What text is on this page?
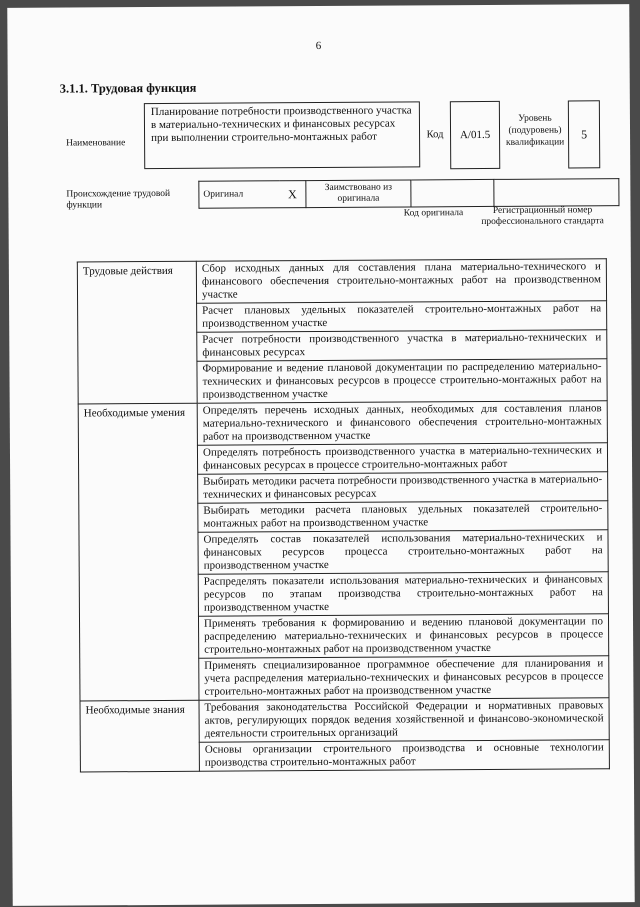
6
3.1.1. Трудовая функция
Наименование
Планирование потребности производственного участка в материально-технических и финансовых ресурсах при выполнении строительно-монтажных работ	Код	A/01.5
Уровень (подуровень) квалификации
5
Происхождение трудовой функции
Оригинал	X	Заимствовано из оригинала		
Код оригинала	Регистрационный номер профессионального стандарта
Трудовые действия	Сбор исходных данных для составления плана материально-технического и финансового обеспечения строительно-монтажных работ на производственном участке
	Расчет плановых удельных показателей строительно-монтажных работ на производственном участке
	Расчет потребности производственного участка в материально-технических и финансовых ресурсах
	Формирование и ведение плановой документации по распределению материально-технических и финансовых ресурсов в процессе строительно-монтажных работ на производственном участке
Необходимые умения	Определять перечень исходных данных, необходимых для составления планов материально-технического и финансового обеспечения строительно-монтажных работ на производственном участке
	Определять потребность производственного участка в материально-технических и финансовых ресурсах в процессе строительно-монтажных работ
	Выбирать методики расчета потребности производственного участка в материально-технических и финансовых ресурсах
	Выбирать методики расчета плановых удельных показателей строительно-монтажных работ на производственном участке
	Определять состав показателей использования материально-технических и финансовых ресурсов процесса строительно-монтажных работ на производственном участке
	Распределять показатели использования материально-технических и финансовых ресурсов по этапам производства строительно-монтажных работ на производственном участке
	Применять требования к формированию и ведению плановой документации по распределению материально-технических и финансовых ресурсов в процессе строительно-монтажных работ на производственном участке
	Применять специализированное программное обеспечение для планирования и учета распределения материально-технических и финансовых ресурсов в процессе строительно-монтажных работ на производственном участке
Необходимые знания	Требования законодательства Российской Федерации и нормативных правовых актов, регулирующих порядок ведения хозяйственной и финансово-экономической деятельности строительных организаций
	Основы организации строительного производства и основные технологии производства строительно-монтажных работ
